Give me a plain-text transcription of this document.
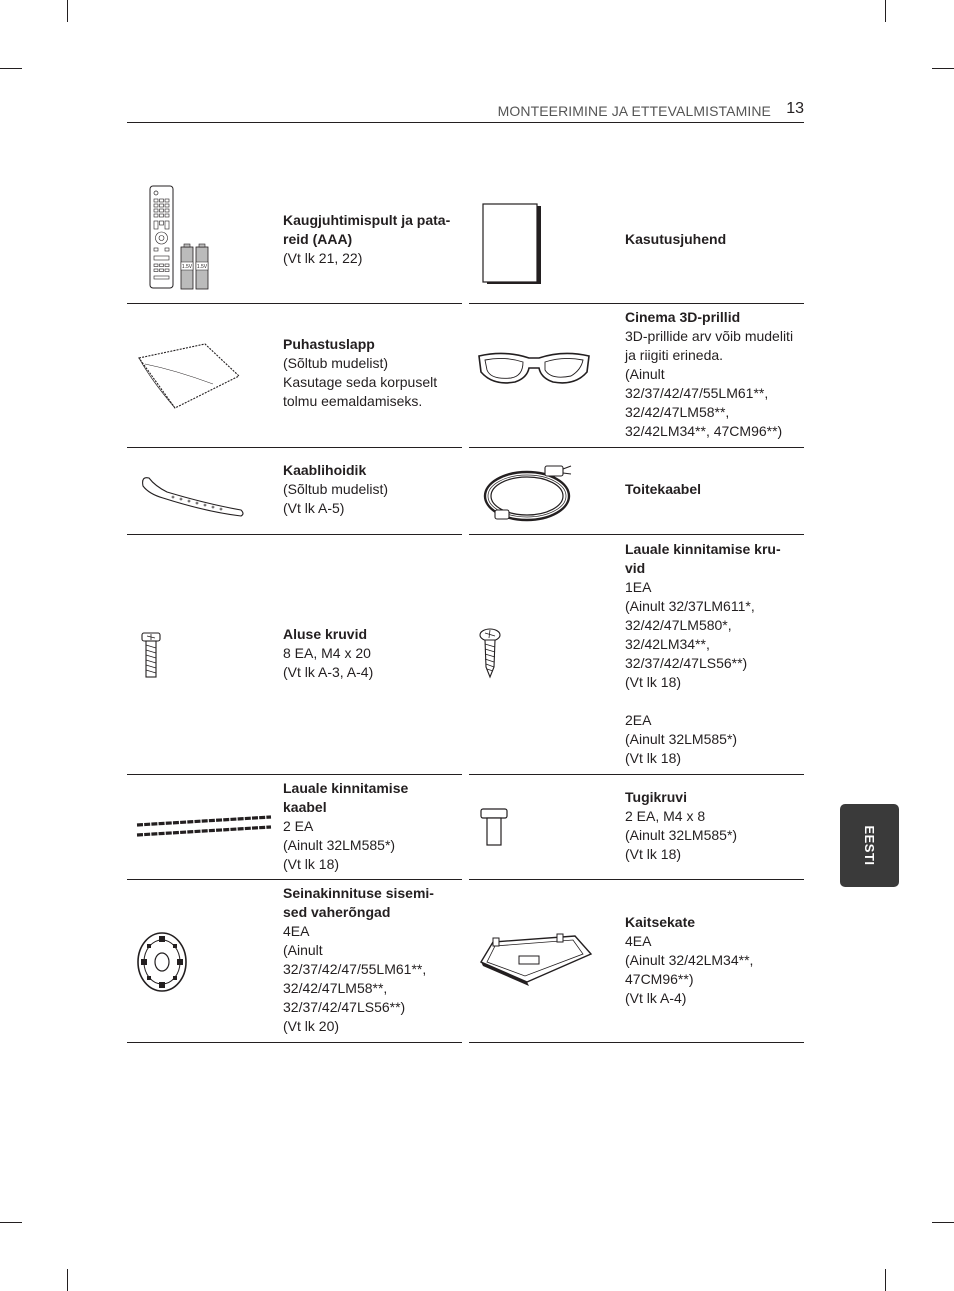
MONTEERIMINE JA ETTEVALMISTAMINE 13
1.5V 1.5V
Kaugjuhtimispult ja pata-
reid (AAA)
(Vt lk 21, 22)
Kasutusjuhend
Puhastuslapp
(Sõltub mudelist)
Kasutage seda korpuselt
tolmu eemaldamiseks.
Cinema 3D-prillid
3D-prillide arv võib mudeliti
ja riigiti erineda.
(Ainult
32/37/42/47/55LM61**,
32/42/47LM58**,
32/42LM34**, 47CM96**)
Kaablihoidik
(Sõltub mudelist)
(Vt lk A-5)
Toitekaabel
Aluse kruvid
8 EA, M4 x 20
(Vt lk A-3, A-4)
Lauale kinnitamise kru-
vid
1EA
(Ainult 32/37LM611*,
32/42/47LM580*,
32/42LM34**,
32/37/42/47LS56**)
(Vt lk 18)

2EA
(Ainult 32LM585*)
(Vt lk 18)
Lauale kinnitamise
kaabel
2 EA
(Ainult 32LM585*)
(Vt lk 18)
Tugikruvi
2 EA, M4 x 8
(Ainult 32LM585*)
(Vt lk 18)
Seinakinnituse sisemi-
sed vaherõngad
4EA
(Ainult
32/37/42/47/55LM61**,
32/42/47LM58**,
32/37/42/47LS56**)
(Vt lk 20)
Kaitsekate
4EA
(Ainult 32/42LM34**,
47CM96**)
(Vt lk A-4)
EESTI
